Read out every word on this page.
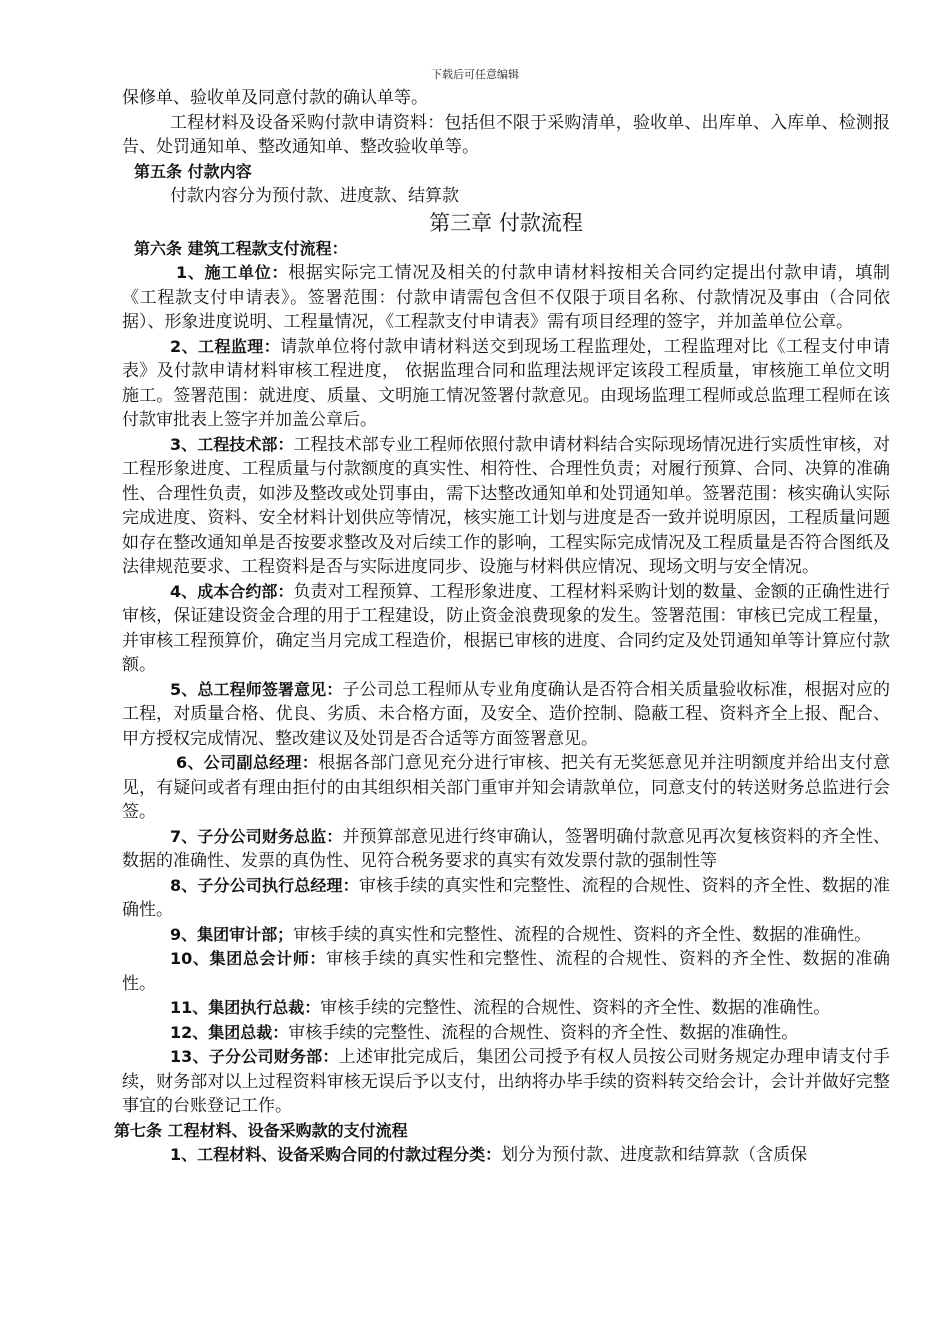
下载后可任意编辑

保修单、验收单及同意付款的确认单等。

工程材料及设备采购付款申请资料：包括但不限于采购清单，验收单、出库单、入库单、检测报告、处罚通知单、整改通知单、整改验收单等。

第五条 付款内容

付款内容分为预付款、进度款、结算款

第三章 付款流程

第六条 建筑工程款支付流程：

1、施工单位：根据实际完工情况及相关的付款申请材料按相关合同约定提出付款申请，填制《工程款支付申请表》。签署范围：付款申请需包含但不仅限于项目名称、付款情况及事由（合同依据）、形象进度说明、工程量情况，《工程款支付申请表》需有项目经理的签字，并加盖单位公章。

2、工程监理：请款单位将付款申请材料送交到现场工程监理处，工程监理对比《工程支付申请表》及付款申请材料审核工程进度， 依据监理合同和监理法规评定该段工程质量，审核施工单位文明施工。签署范围：就进度、质量、文明施工情况签署付款意见。由现场监理工程师或总监理工程师在该付款审批表上签字并加盖公章后。

3、工程技术部：工程技术部专业工程师依照付款申请材料结合实际现场情况进行实质性审核，对工程形象进度、工程质量与付款额度的真实性、相符性、合理性负责；对履行预算、合同、决算的准确性、合理性负责，如涉及整改或处罚事由，需下达整改通知单和处罚通知单。签署范围：核实确认实际完成进度、资料、安全材料计划供应等情况，核实施工计划与进度是否一致并说明原因，工程质量问题如存在整改通知单是否按要求整改及对后续工作的影响，工程实际完成情况及工程质量是否符合图纸及法律规范要求、工程资料是否与实际进度同步、设施与材料供应情况、现场文明与安全情况。

4、成本合约部：负责对工程预算、工程形象进度、工程材料采购计划的数量、金额的正确性进行审核，保证建设资金合理的用于工程建设，防止资金浪费现象的发生。签署范围：审核已完成工程量，并审核工程预算价，确定当月完成工程造价，根据已审核的进度、合同约定及处罚通知单等计算应付款额。

5、总工程师签署意见：子公司总工程师从专业角度确认是否符合相关质量验收标准，根据对应的工程，对质量合格、优良、劣质、未合格方面，及安全、造价控制、隐蔽工程、资料齐全上报、配合、甲方授权完成情况、整改建议及处罚是否合适等方面签署意见。

6、公司副总经理：根据各部门意见充分进行审核、把关有无奖惩意见并注明额度并给出支付意见，有疑问或者有理由拒付的由其组织相关部门重审并知会请款单位，同意支付的转送财务总监进行会签。

7、子分公司财务总监：并预算部意见进行终审确认，签署明确付款意见再次复核资料的齐全性、数据的准确性、发票的真伪性、见符合税务要求的真实有效发票付款的强制性等

8、子分公司执行总经理：审核手续的真实性和完整性、流程的合规性、资料的齐全性、数据的准确性。

9、集团审计部；审核手续的真实性和完整性、流程的合规性、资料的齐全性、数据的准确性。

10、集团总会计师：审核手续的真实性和完整性、流程的合规性、资料的齐全性、数据的准确性。

11、集团执行总裁：审核手续的完整性、流程的合规性、资料的齐全性、数据的准确性。

12、集团总裁：审核手续的完整性、流程的合规性、资料的齐全性、数据的准确性。

13、子分公司财务部：上述审批完成后，集团公司授予有权人员按公司财务规定办理申请支付手续，财务部对以上过程资料审核无误后予以支付，出纳将办毕手续的资料转交给会计，会计并做好完整事宜的台账登记工作。

第七条 工程材料、设备采购款的支付流程

1、工程材料、设备采购合同的付款过程分类：划分为预付款、进度款和结算款（含质保
